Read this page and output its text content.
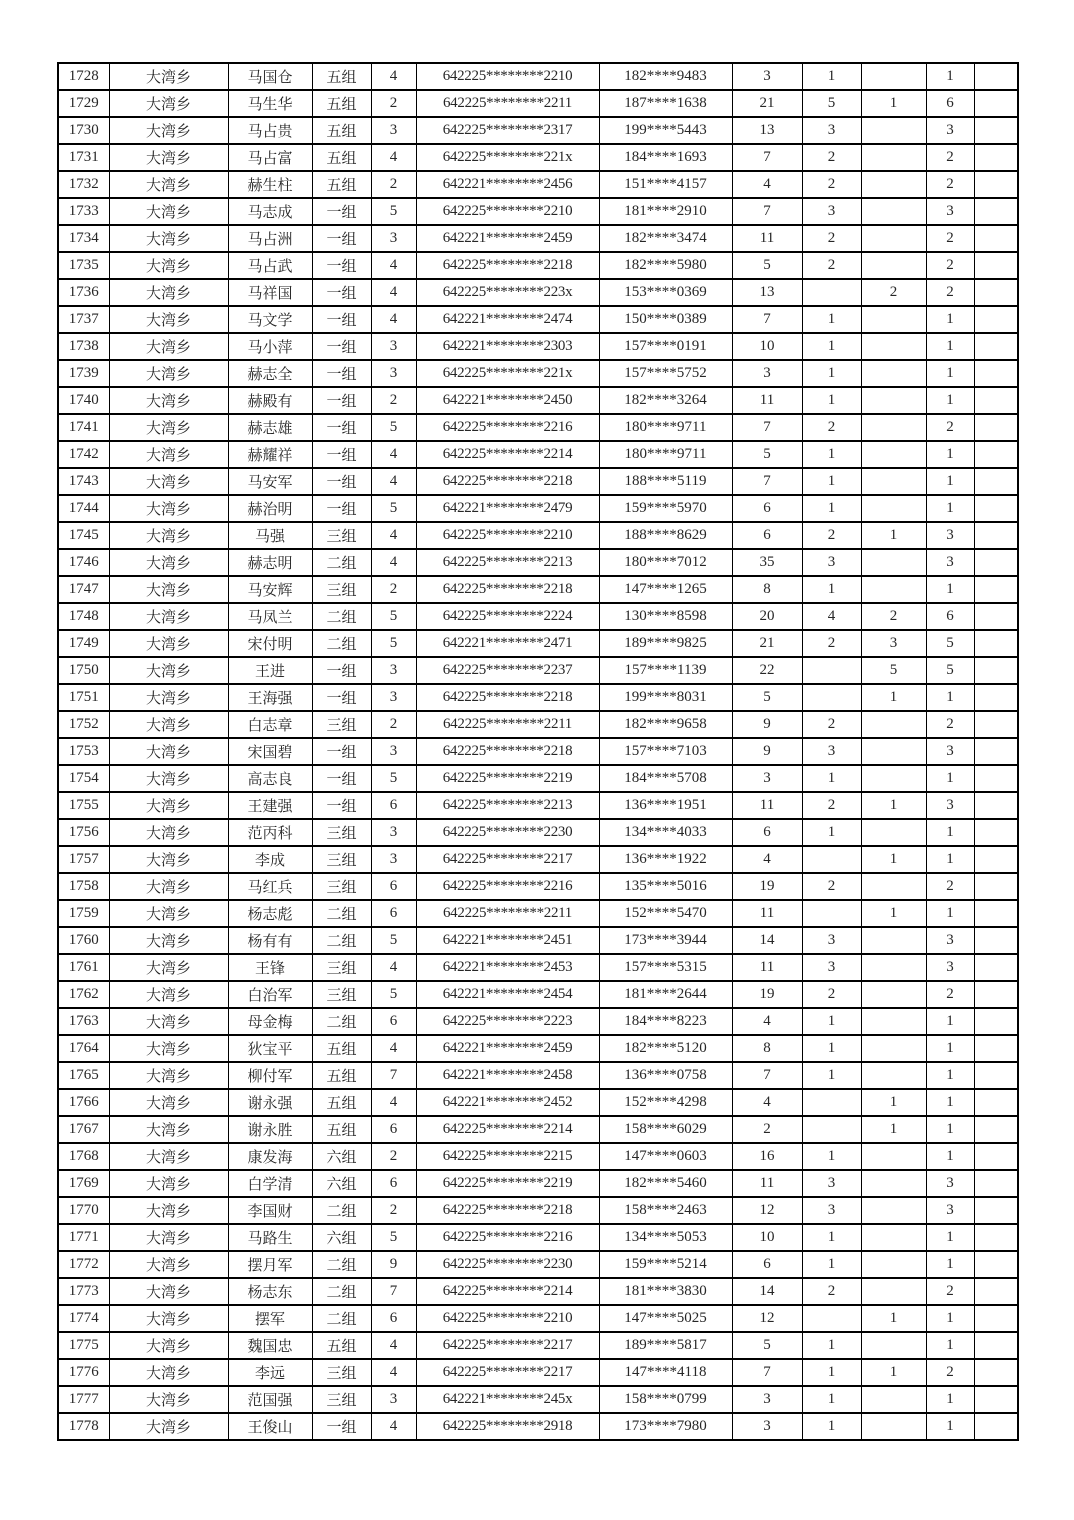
1728	大湾乡	马国仓	五组	4	642225********2210	182****9483	3	1		1	
1729	大湾乡	马生华	五组	2	642225********2211	187****1638	21	5	1	6	
1730	大湾乡	马占贵	五组	3	642225********2317	199****5443	13	3		3	
1731	大湾乡	马占富	五组	4	642225********221x	184****1693	7	2		2	
1732	大湾乡	赫生柱	五组	2	642221********2456	151****4157	4	2		2	
1733	大湾乡	马志成	一组	5	642225********2210	181****2910	7	3		3	
1734	大湾乡	马占洲	一组	3	642221********2459	182****3474	11	2		2	
1735	大湾乡	马占武	一组	4	642225********2218	182****5980	5	2		2	
1736	大湾乡	马祥国	一组	4	642225********223x	153****0369	13		2	2	
1737	大湾乡	马文学	一组	4	642221********2474	150****0389	7	1		1	
1738	大湾乡	马小萍	一组	3	642221********2303	157****0191	10	1		1	
1739	大湾乡	赫志全	一组	3	642225********221x	157****5752	3	1		1	
1740	大湾乡	赫殿有	一组	2	642221********2450	182****3264	11	1		1	
1741	大湾乡	赫志雄	一组	5	642225********2216	180****9711	7	2		2	
1742	大湾乡	赫耀祥	一组	4	642225********2214	180****9711	5	1		1	
1743	大湾乡	马安军	一组	4	642225********2218	188****5119	7	1		1	
1744	大湾乡	赫治明	一组	5	642221********2479	159****5970	6	1		1	
1745	大湾乡	马强	三组	4	642225********2210	188****8629	6	2	1	3	
1746	大湾乡	赫志明	二组	4	642225********2213	180****7012	35	3		3	
1747	大湾乡	马安辉	三组	2	642225********2218	147****1265	8	1		1	
1748	大湾乡	马凤兰	二组	5	642225********2224	130****8598	20	4	2	6	
1749	大湾乡	宋付明	二组	5	642221********2471	189****9825	21	2	3	5	
1750	大湾乡	王进	一组	3	642225********2237	157****1139	22		5	5	
1751	大湾乡	王海强	一组	3	642225********2218	199****8031	5		1	1	
1752	大湾乡	白志章	三组	2	642225********2211	182****9658	9	2		2	
1753	大湾乡	宋国碧	一组	3	642225********2218	157****7103	9	3		3	
1754	大湾乡	高志良	一组	5	642225********2219	184****5708	3	1		1	
1755	大湾乡	王建强	一组	6	642225********2213	136****1951	11	2	1	3	
1756	大湾乡	范丙科	三组	3	642225********2230	134****4033	6	1		1	
1757	大湾乡	李成	三组	3	642225********2217	136****1922	4		1	1	
1758	大湾乡	马红兵	三组	6	642225********2216	135****5016	19	2		2	
1759	大湾乡	杨志彪	二组	6	642225********2211	152****5470	11		1	1	
1760	大湾乡	杨有有	二组	5	642221********2451	173****3944	14	3		3	
1761	大湾乡	王锋	三组	4	642221********2453	157****5315	11	3		3	
1762	大湾乡	白治军	三组	5	642221********2454	181****2644	19	2		2	
1763	大湾乡	母金梅	二组	6	642225********2223	184****8223	4	1		1	
1764	大湾乡	狄宝平	五组	4	642221********2459	182****5120	8	1		1	
1765	大湾乡	柳付军	五组	7	642221********2458	136****0758	7	1		1	
1766	大湾乡	谢永强	五组	4	642221********2452	152****4298	4		1	1	
1767	大湾乡	谢永胜	五组	6	642225********2214	158****6029	2		1	1	
1768	大湾乡	康发海	六组	2	642225********2215	147****0603	16	1		1	
1769	大湾乡	白学清	六组	6	642225********2219	182****5460	11	3		3	
1770	大湾乡	李国财	二组	2	642225********2218	158****2463	12	3		3	
1771	大湾乡	马路生	六组	5	642225********2216	134****5053	10	1		1	
1772	大湾乡	摆月军	二组	9	642225********2230	159****5214	6	1		1	
1773	大湾乡	杨志东	二组	7	642225********2214	181****3830	14	2		2	
1774	大湾乡	摆军	二组	6	642225********2210	147****5025	12		1	1	
1775	大湾乡	魏国忠	五组	4	642225********2217	189****5817	5	1		1	
1776	大湾乡	李远	三组	4	642225********2217	147****4118	7	1	1	2	
1777	大湾乡	范国强	三组	3	642221********245x	158****0799	3	1		1	
1778	大湾乡	王俊山	一组	4	642225********2918	173****7980	3	1		1	
